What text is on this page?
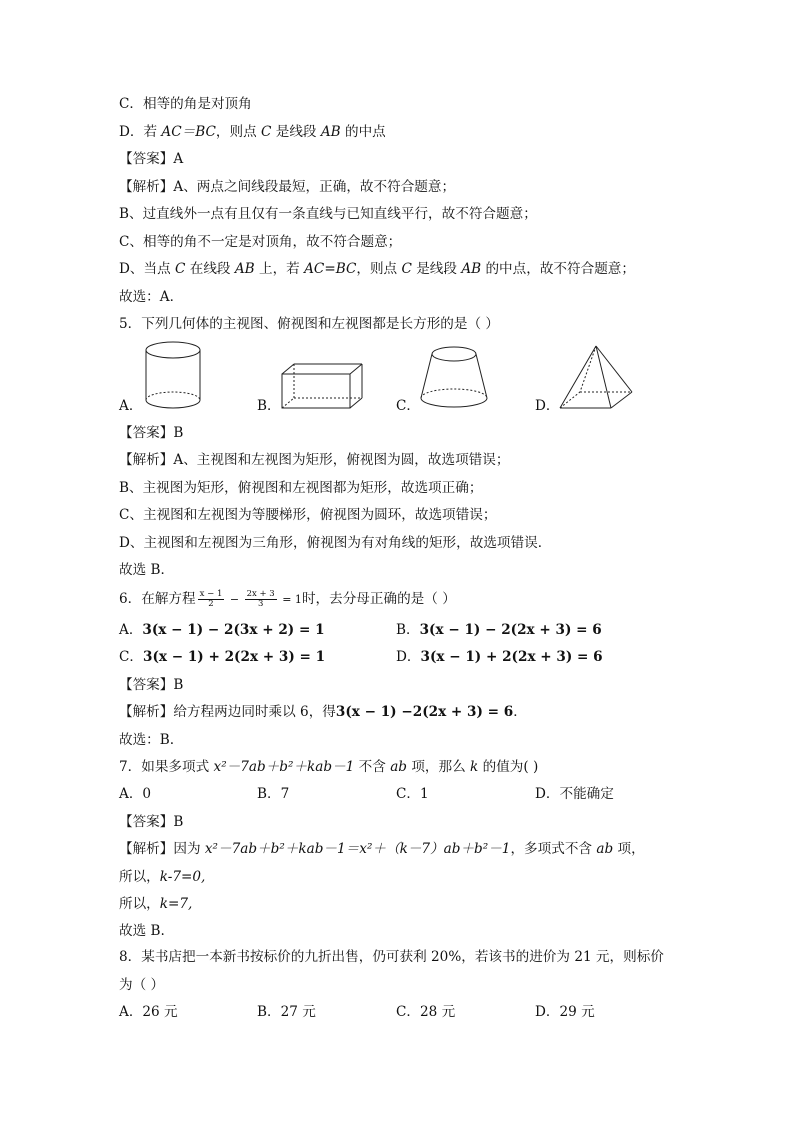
C．相等的角是对顶角
D．若 AC＝BC，则点 C 是线段 AB 的中点
【答案】A
【解析】A、两点之间线段最短，正确，故不符合题意；
B、过直线外一点有且仅有一条直线与已知直线平行，故不符合题意；
C、相等的角不一定是对顶角，故不符合题意；
D、当点 C 在线段 AB 上，若 AC=BC，则点 C 是线段 AB 的中点，故不符合题意；
故选：A．
5．下列几何体的主视图、俯视图和左视图都是长方形的是（ ）
A．	B．	C．	D．
【答案】B
【解析】A、主视图和左视图为矩形，俯视图为圆，故选项错误；
B、主视图为矩形，俯视图和左视图都为矩形，故选项正确；
C、主视图和左视图为等腰梯形，俯视图为圆环，故选项错误；
D、主视图和左视图为三角形，俯视图为有对角线的矩形，故选项错误．
故选 B．
6．在解方程 $\frac{x - 1}{2} - \frac{2x + 3}{3} = 1$时，去分母正确的是（ ）
A．3(x − 1) − 2(3x + 2) = 1	B．3(x − 1) − 2(2x + 3) = 6
C．3(x − 1) + 2(2x + 3) = 1	D．3(x − 1) + 2(2x + 3) = 6
【答案】B
【解析】给方程两边同时乘以 6，得3(x − 1) −2(2x + 3) = 6．
故选：B.
7．如果多项式 x²－7ab＋b²＋kab－1 不含 ab 项，那么 k 的值为( )
A．0	B．7	C．1	D．不能确定
【答案】B
【解析】因为 x²－7ab＋b²＋kab－1＝x²＋（k－7）ab＋b²－1，多项式不含 ab 项，
所以，k-7=0,
所以，k=7,
故选 B.
8．某书店把一本新书按标价的九折出售，仍可获利 20%，若该书的进价为 21 元，则标价
为（ ）
A．26 元	B．27 元	C．28 元	D．29 元
